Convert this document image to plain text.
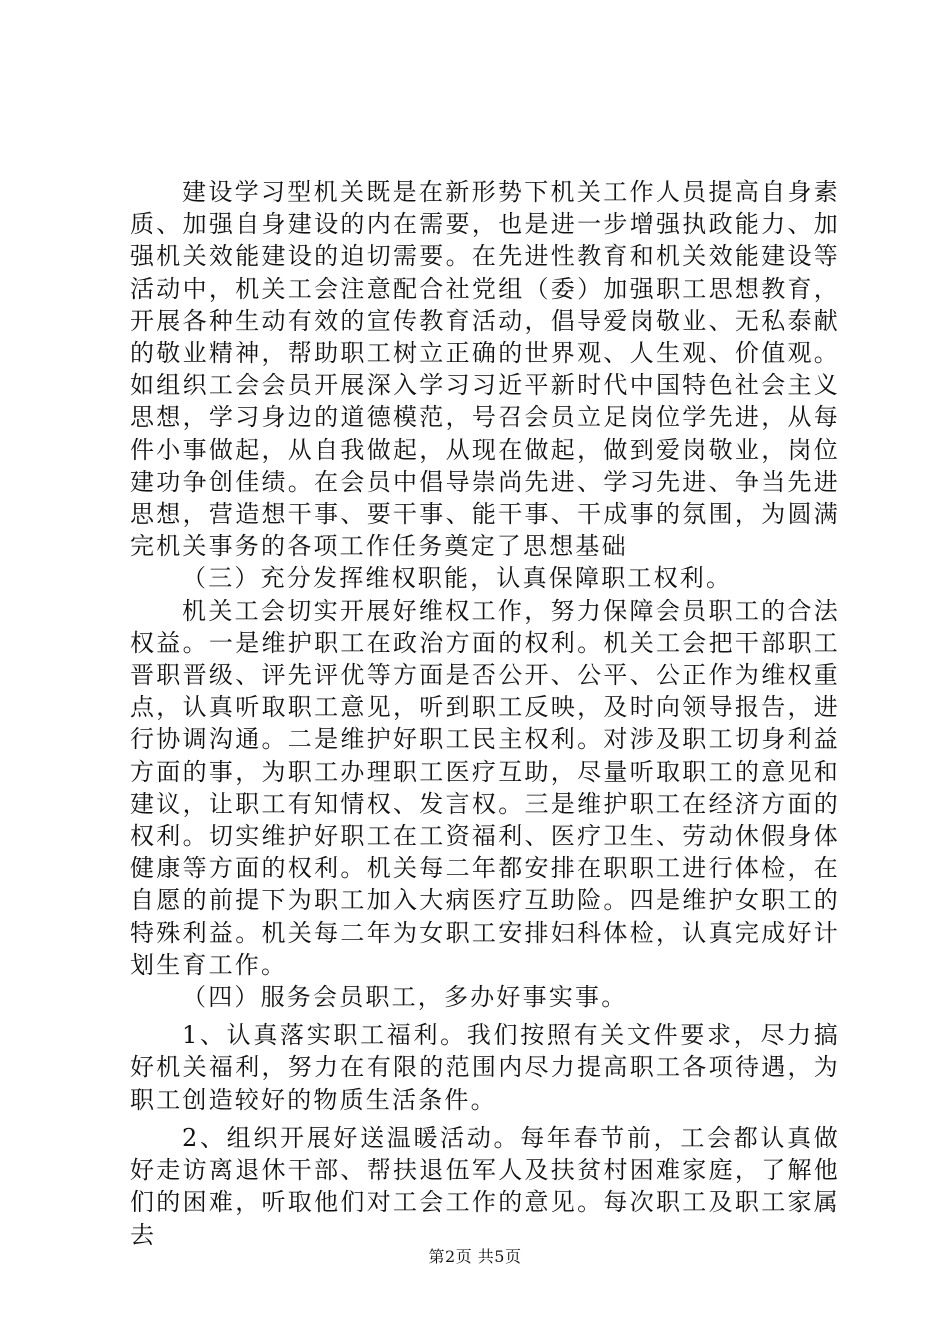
建设学习型机关既是在新形势下机关工作人员提高自身素质、加强自身建设的内在需要，也是进一步增强执政能力、加强机关效能建设的迫切需要。在先进性教育和机关效能建设等活动中，机关工会注意配合社党组（委）加强职工思想教育，开展各种生动有效的宣传教育活动，倡导爱岗敬业、无私泰献的敬业精神，帮助职工树立正确的世界观、人生观、价值观。如组织工会会员开展深入学习习近平新时代中国特色社会主义思想，学习身边的道德模范，号召会员立足岗位学先进，从每件小事做起，从自我做起，从现在做起，做到爱岗敬业，岗位建功争创佳绩。在会员中倡导崇尚先进、学习先进、争当先进思想，营造想干事、要干事、能干事、干成事的氛围，为圆满完机关事务的各项工作任务奠定了思想基础

（三）充分发挥维权职能，认真保障职工权利。

机关工会切实开展好维权工作，努力保障会员职工的合法权益。一是维护职工在政治方面的权利。机关工会把干部职工晋职晋级、评先评优等方面是否公开、公平、公正作为维权重点，认真听取职工意见，听到职工反映，及时向领导报告，进行协调沟通。二是维护好职工民主权利。对涉及职工切身利益方面的事，为职工办理职工医疗互助，尽量听取职工的意见和建议，让职工有知情权、发言权。三是维护职工在经济方面的权利。切实维护好职工在工资福利、医疗卫生、劳动休假身体健康等方面的权利。机关每二年都安排在职职工进行体检，在自愿的前提下为职工加入大病医疗互助险。四是维护女职工的特殊利益。机关每二年为女职工安排妇科体检，认真完成好计划生育工作。

（四）服务会员职工，多办好事实事。

1、认真落实职工福利。我们按照有关文件要求，尽力搞好机关福利，努力在有限的范围内尽力提高职工各项待遇，为职工创造较好的物质生活条件。

2、组织开展好送温暖活动。每年春节前，工会都认真做好走访离退休干部、帮扶退伍军人及扶贫村困难家庭，了解他们的困难，听取他们对工会工作的意见。每次职工及职工家属去

第2页 共5页
